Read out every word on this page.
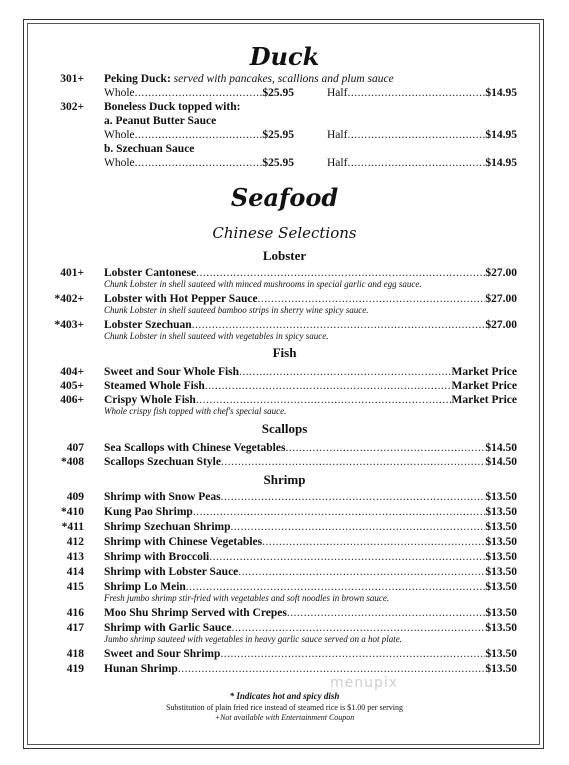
Duck
301+ Peking Duck: served with pancakes, scallions and plum sauce
Whole .....	$25.95	Half .....	$14.95
302+ Boneless Duck topped with:
a. Peanut Butter Sauce
Whole .....	$25.95	Half .....	$14.95
b. Szechuan Sauce
Whole .....	$25.95	Half .....	$14.95
Seafood
Chinese Selections
Lobster
Fish
Scallops
Shrimp
401+ Lobster Cantonese .....	$27.00
Chunk Lobster in shell sauteed with minced mushrooms in special garlic and egg sauce.
*402+ Lobster with Hot Pepper Sauce .....	$27.00
Chunk Lobster in shell sauteed bamboo strips in sherry wine spicy sauce.
*403+ Lobster Szechuan .....	$27.00
Chunk Lobster in shell sauteed with vegetables in spicy sauce.
404+ Sweet and Sour Whole Fish .....	Market Price
405+ Steamed Whole Fish .....	Market Price
406+ Crispy Whole Fish .....	Market Price
Whole crispy fish topped with chef's special sauce.
407 Sea Scallops with Chinese Vegetables .....	$14.50
*408 Scallops Szechuan Style .....	$14.50
409 Shrimp with Snow Peas .....	$13.50
*410 Kung Pao Shrimp .....	$13.50
*411 Shrimp Szechuan Shrimp .....	$13.50
412 Shrimp with Chinese Vegetables .....	$13.50
413 Shrimp with Broccoli .....	$13.50
414 Shrimp with Lobster Sauce .....	$13.50
415 Shrimp Lo Mein .....	$13.50
Fresh jumbo shrimp stir-fried with vegetables and soft noodles in brown sauce.
416 Moo Shu Shrimp Served with Crepes .....	$13.50
417 Shrimp with Garlic Sauce .....	$13.50
Jumbo shrimp sauteed with vegetables in heavy garlic sauce served on a hot plate.
418 Sweet and Sour Shrimp .....	$13.50
419 Hunan Shrimp .....	$13.50
* Indicates hot and spicy dish
Substitution of plain fried rice instead of steamed rice is $1.00 per serving
+Not available with Entertainment Coupon
menupix
